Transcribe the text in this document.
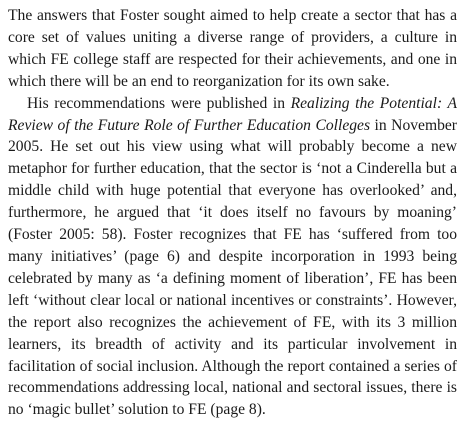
The answers that Foster sought aimed to help create a sector that has a core set of values uniting a diverse range of providers, a culture in which FE college staff are respected for their achievements, and one in which there will be an end to reorganization for its own sake.

His recommendations were published in Realizing the Potential: A Review of the Future Role of Further Education Colleges in November 2005. He set out his view using what will probably become a new metaphor for further education, that the sector is ‘not a Cinderella but a middle child with huge potential that everyone has overlooked’ and, furthermore, he argued that ‘it does itself no favours by moaning’ (Foster 2005: 58). Foster recognizes that FE has ‘suffered from too many initiatives’ (page 6) and despite incorporation in 1993 being celebrated by many as ‘a defining moment of liberation’, FE has been left ‘without clear local or national incentives or constraints’. However, the report also recognizes the achievement of FE, with its 3 million learners, its breadth of activity and its particular involvement in facilitation of social inclusion. Although the report contained a series of recommendations addressing local, national and sectoral issues, there is no ‘magic bullet’ solution to FE (page 8).
